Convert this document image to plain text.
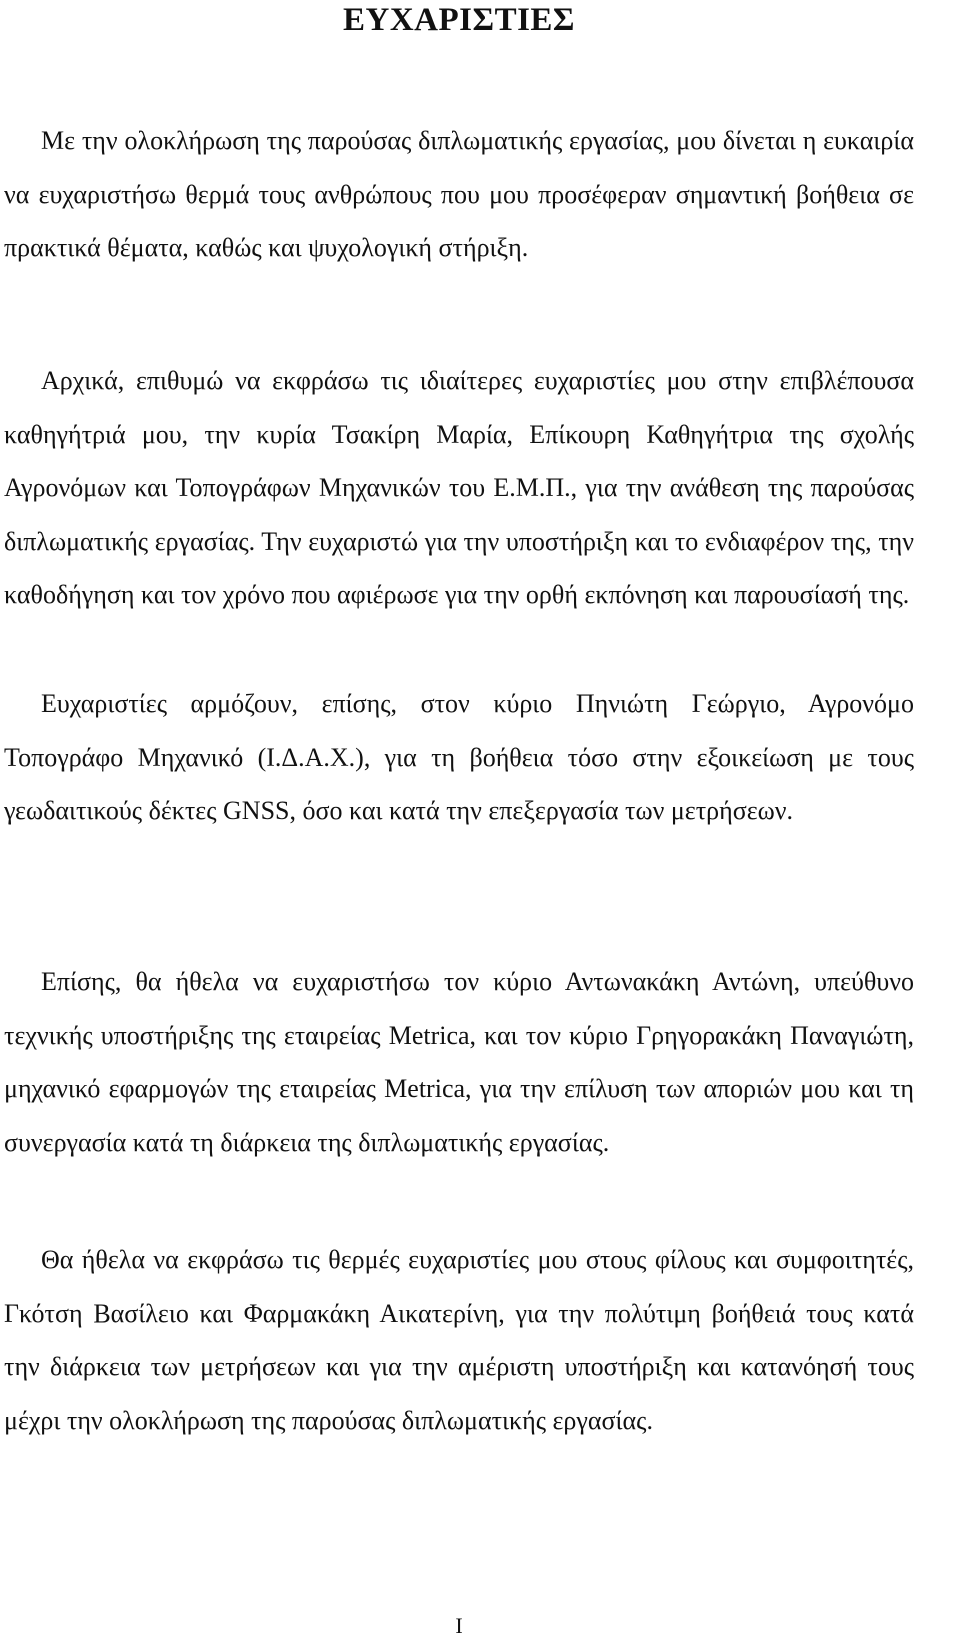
ΕΥΧΑΡΙΣΤΙΕΣ

Με την ολοκλήρωση της παρούσας διπλωματικής εργασίας, μου δίνεται η ευκαιρία να ευχαριστήσω θερμά τους ανθρώπους που μου προσέφεραν σημαντική βοήθεια σε πρακτικά θέματα, καθώς και ψυχολογική στήριξη.

Αρχικά, επιθυμώ να εκφράσω τις ιδιαίτερες ευχαριστίες μου στην επιβλέπουσα καθηγήτριά μου, την κυρία Τσακίρη Μαρία, Επίκουρη Καθηγήτρια της σχολής Αγρονόμων και Τοπογράφων Μηχανικών του Ε.Μ.Π., για την ανάθεση της παρούσας διπλωματικής εργασίας. Την ευχαριστώ για την υποστήριξη και το ενδιαφέρον της, την καθοδήγηση και τον χρόνο που αφιέρωσε για την ορθή εκπόνηση και παρουσίασή της.

Ευχαριστίες αρμόζουν, επίσης, στον κύριο Πηνιώτη Γεώργιο, Αγρονόμο Τοπογράφο Μηχανικό (Ι.Δ.Α.Χ.), για τη βοήθεια τόσο στην εξοικείωση με τους γεωδαιτικούς δέκτες GNSS, όσο και κατά την επεξεργασία των μετρήσεων.

Επίσης, θα ήθελα να ευχαριστήσω τον κύριο Αντωνακάκη Αντώνη, υπεύθυνο τεχνικής υποστήριξης της εταιρείας Metrica, και τον κύριο Γρηγορακάκη Παναγιώτη, μηχανικό εφαρμογών της εταιρείας Metrica, για την επίλυση των αποριών μου και τη συνεργασία κατά τη διάρκεια της διπλωματικής εργασίας.

Θα ήθελα να εκφράσω τις θερμές ευχαριστίες μου στους φίλους και συμφοιτητές, Γκότση Βασίλειο και Φαρμακάκη Αικατερίνη, για την πολύτιμη βοήθειά τους κατά την διάρκεια των μετρήσεων και για την αμέριστη υποστήριξη και κατανόησή τους μέχρι την ολοκλήρωση της παρούσας διπλωματικής εργασίας.

I
